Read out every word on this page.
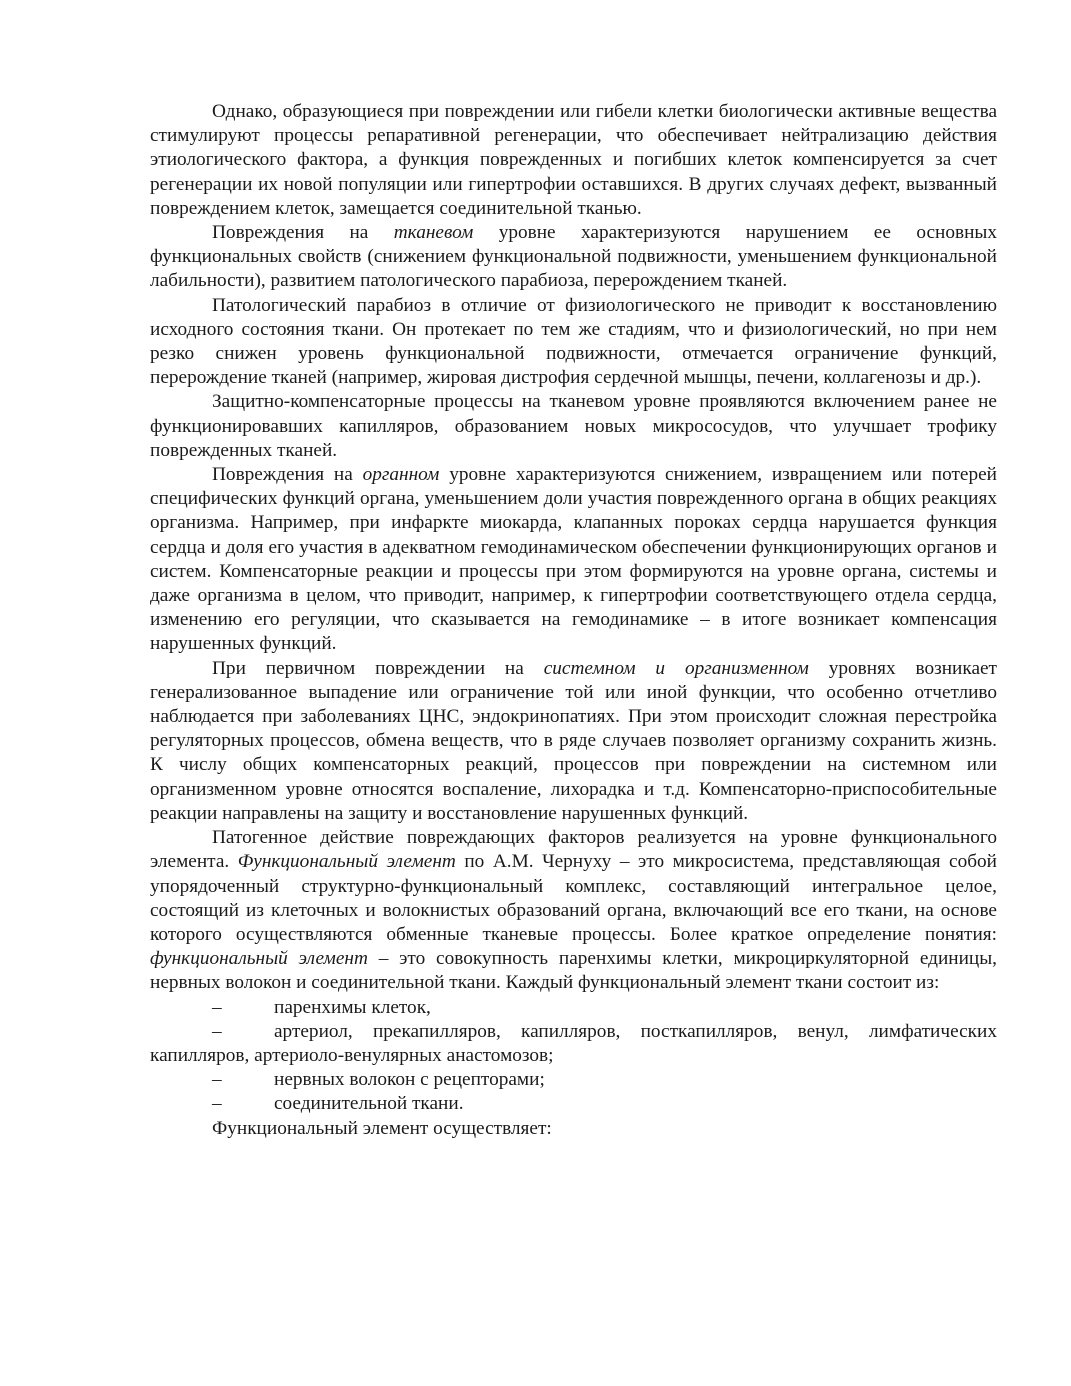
Однако, образующиеся при повреждении или гибели клетки биологически активные вещества стимулируют процессы репаративной регенерации, что обеспечивает нейтрализацию действия этиологического фактора, а функция поврежденных и погибших клеток компенсируется за счет регенерации их новой популяции или гипертрофии оставшихся. В других случаях дефект, вызванный повреждением клеток, замещается соединительной тканью.

Повреждения на тканевом уровне характеризуются нарушением ее основных функциональных свойств (снижением функциональной подвижности, уменьшением функциональной лабильности), развитием патологического парабиоза, перерождением тканей.

Патологический парабиоз в отличие от физиологического не приводит к восстановлению исходного состояния ткани. Он протекает по тем же стадиям, что и физиологический, но при нем резко снижен уровень функциональной подвижности, отмечается ограничение функций, перерождение тканей (например, жировая дистрофия сердечной мышцы, печени, коллагенозы и др.).

Защитно-компенсаторные процессы на тканевом уровне проявляются включением ранее не функционировавших капилляров, образованием новых микрососудов, что улучшает трофику поврежденных тканей.

Повреждения на органном уровне характеризуются снижением, извращением или потерей специфических функций органа, уменьшением доли участия поврежденного органа в общих реакциях организма. Например, при инфаркте миокарда, клапанных пороках сердца нарушается функция сердца и доля его участия в адекватном гемодинамическом обеспечении функционирующих органов и систем. Компенсаторные реакции и процессы при этом формируются на уровне органа, системы и даже организма в целом, что приводит, например, к гипертрофии соответствующего отдела сердца, изменению его регуляции, что сказывается на гемодинамике – в итоге возникает компенсация нарушенных функций.

При первичном повреждении на системном и организменном уровнях возникает генерализованное выпадение или ограничение той или иной функции, что особенно отчетливо наблюдается при заболеваниях ЦНС, эндокринопатиях. При этом происходит сложная перестройка регуляторных процессов, обмена веществ, что в ряде случаев позволяет организму сохранить жизнь. К числу общих компенсаторных реакций, процессов при повреждении на системном или организменном уровне относятся воспаление, лихорадка и т.д. Компенсаторно-приспособительные реакции направлены на защиту и восстановление нарушенных функций.

Патогенное действие повреждающих факторов реализуется на уровне функционального элемента. Функциональный элемент по А.М. Чернуху – это микросистема, представляющая собой упорядоченный структурно-функциональный комплекс, составляющий интегральное целое, состоящий из клеточных и волокнистых образований органа, включающий все его ткани, на основе которого осуществляются обменные тканевые процессы. Более краткое определение понятия: функциональный элемент – это совокупность паренхимы клетки, микроциркуляторной единицы, нервных волокон и соединительной ткани. Каждый функциональный элемент ткани состоит из:

–	паренхимы клеток,

–	артериол, прекапилляров, капилляров, посткапилляров, венул, лимфатических капилляров, артериоло-венулярных анастомозов;

–	нервных волокон с рецепторами;

–	соединительной ткани.

Функциональный элемент осуществляет:
